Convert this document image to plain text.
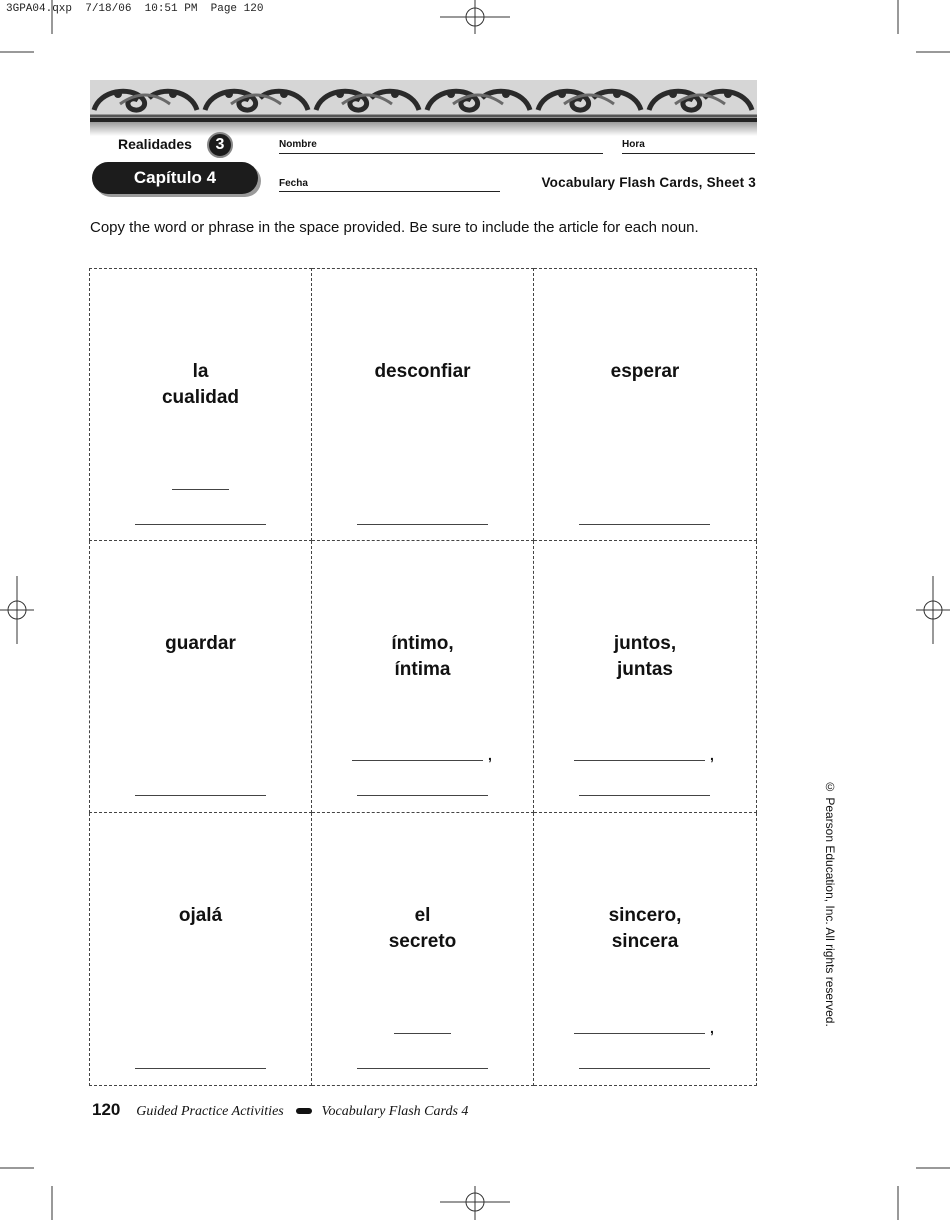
3GPA04.qxp  7/18/06  10:51 PM  Page 120
Realidades	3
Capítulo 4
Nombre	Hora
Fecha	Vocabulary Flash Cards, Sheet 3
Copy the word or phrase in the space provided. Be sure to include the article for each noun.
la
cualidad
desconfiar	esperar
guardar	íntimo,
íntima
,
juntos,
juntas
,
ojalá	el
secreto
sincero,
sincera
,
120 Guided Practice Activities	Vocabulary Flash Cards 4
© Pearson Education, Inc. All rights reserved.
